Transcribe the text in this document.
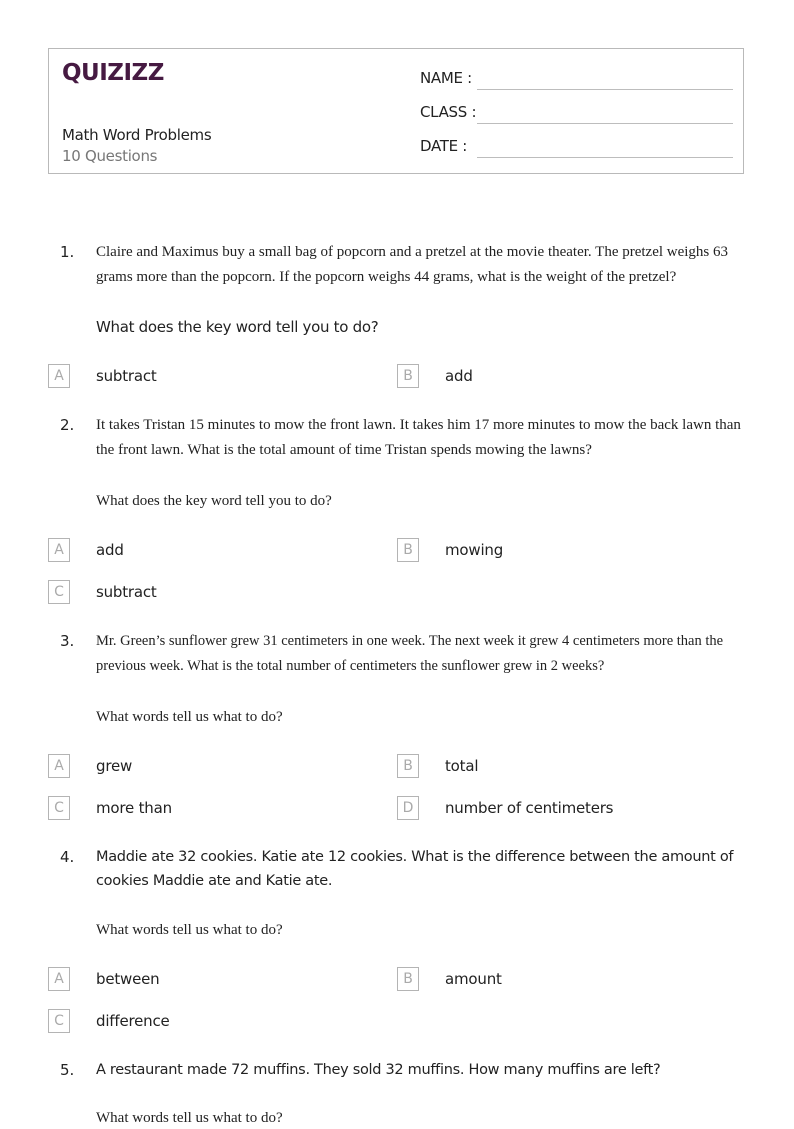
QUIZIZZ
Math Word Problems
10 Questions
NAME :
CLASS :
DATE :
1.	Claire and Maximus buy a small bag of popcorn and a pretzel at the movie theater. The pretzel weighs 63 grams more than the popcorn. If the popcorn weighs 44 grams, what is the weight of the pretzel?
What does the key word tell you to do?
A	subtract	B	add
2.	It takes Tristan 15 minutes to mow the front lawn. It takes him 17 more minutes to mow the back lawn than the front lawn. What is the total amount of time Tristan spends mowing the lawns?
What does the key word tell you to do?
A	add	B	mowing
C	subtract
3.	Mr. Green’s sunflower grew 31 centimeters in one week. The next week it grew 4 centimeters more than the previous week. What is the total number of centimeters the sunflower grew in 2 weeks?
What words tell us what to do?
A	grew	B	total
C	more than	D	number of centimeters
4.	Maddie ate 32 cookies. Katie ate 12 cookies. What is the difference between the amount of cookies Maddie ate and Katie ate.
What words tell us what to do?
A	between	B	amount
C	difference
5.	A restaurant made 72 muffins. They sold 32 muffins. How many muffins are left?
What words tell us what to do?
